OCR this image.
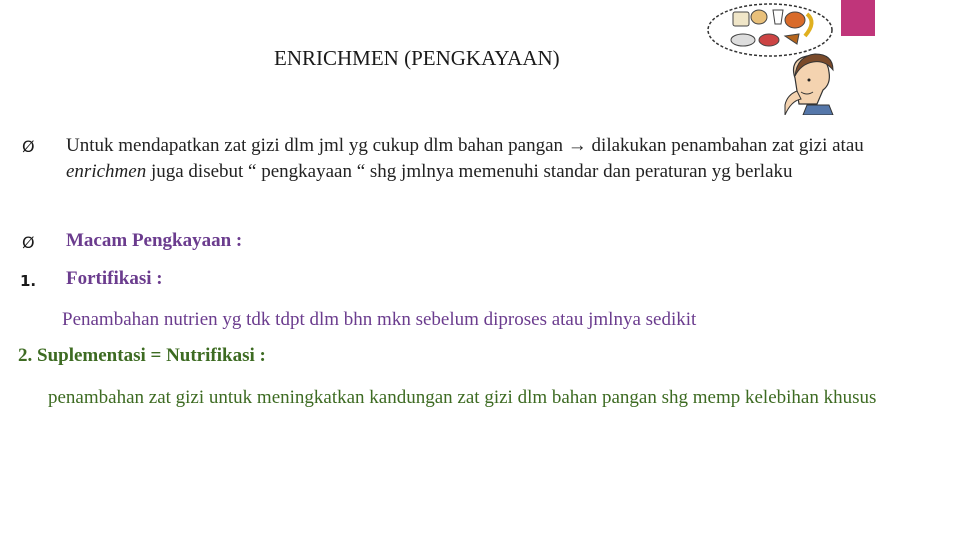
ENRICHMEN (PENGKAYAAN)
Ø Untuk mendapatkan zat gizi dlm jml yg cukup dlm bahan pangan → dilakukan penambahan zat gizi atau enrichmen juga disebut “ pengkayaan “ shg jmlnya memenuhi standar dan peraturan yg berlaku
Ø Macam Pengkayaan :
1. Fortifikasi :
Penambahan nutrien yg tdk tdpt dlm bhn mkn sebelum diproses atau jmlnya sedikit
2. Suplementasi = Nutrifikasi :
penambahan zat gizi untuk meningkatkan kandungan zat gizi dlm bahan pangan shg memp kelebihan khusus
